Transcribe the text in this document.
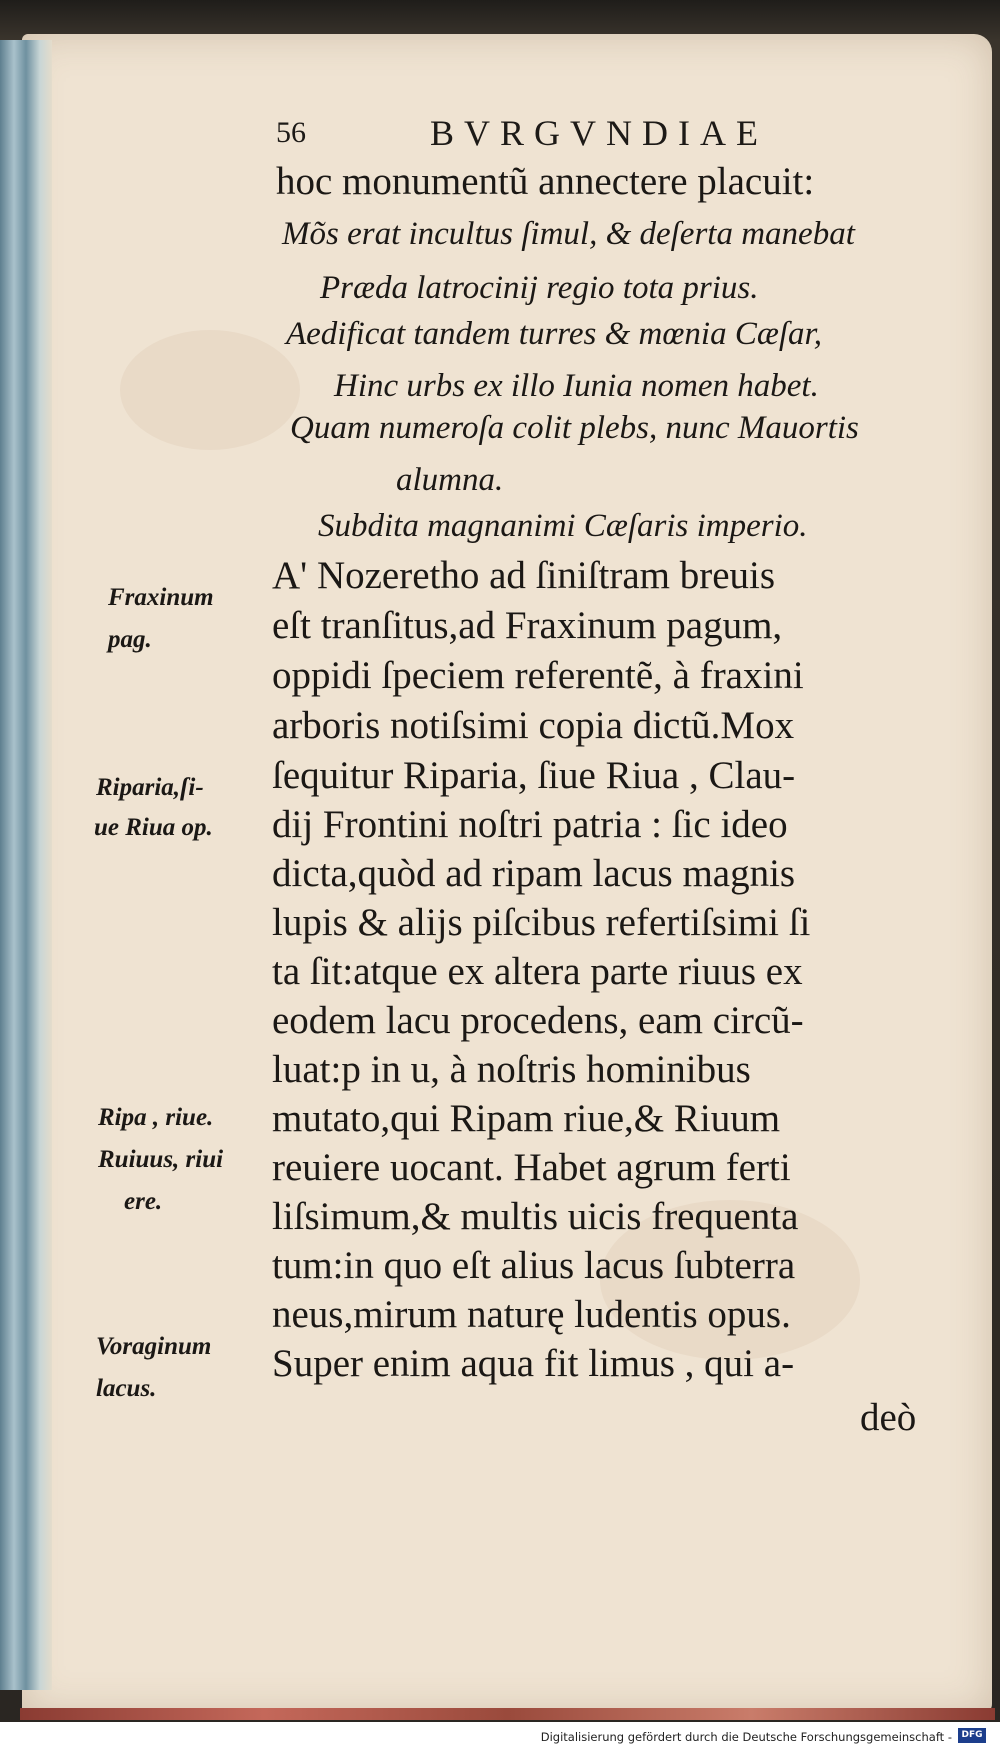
56	BVRGVNDIAE

hoc monumentũ annectere placuit:

Mõs erat incultus ſimul, & deſerta manebat

Præda latrocinij regio tota prius.

Aedificat tandem turres & mœnia Cæſar,

Hinc urbs ex illo Iunia nomen habet.

Quam numeroſa colit plebs, nunc Mauortis

alumna.

Subdita magnanimi Cæſaris imperio.

A' Nozeretho ad ſiniſtram breuis

eſt tranſitus,ad Fraxinum pagum,

oppidi ſpeciem referentẽ, à fraxini

arboris notiſsimi copia dictũ.Mox

ſequitur Riparia, ſiue Riua , Clau-

dij Frontini noſtri patria : ſic ideo

dicta,quòd ad ripam lacus magnis

lupis & aliјs piſcibus refertiſsimi ſi

ta ſit:atque ex altera parte riuus ex

eodem lacu procedens, eam circũ-

luat:p in u, à noſtris hominibus

mutato,qui Ripam riue,& Riuum

reuiere uocant. Habet agrum ferti

liſsimum,& multis uicis frequenta

tum:in quo eſt alius lacus ſubterra

neus,mirum naturę ludentis opus.

Super enim aqua fit limus , qui a-

deò

Fraxinum
pag.
Riparia,ſi-
ue Riua op.
Ripa , riue.
Ruiuus, riui
ere.
Voraginum
lacus.
Digitalisierung gefördert durch die Deutsche Forschungsgemeinschaft -	DFG
